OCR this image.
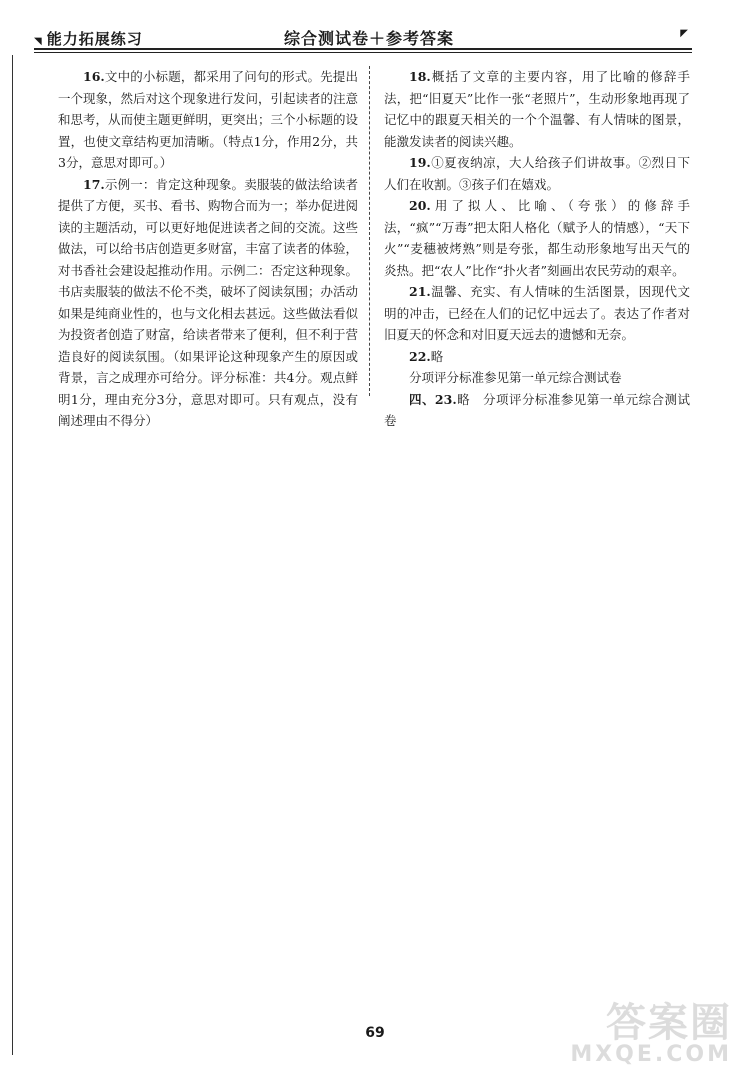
◥ 能力拓展练习	综合测试卷＋参考答案	◤

16.文中的小标题，都采用了问句的形式。先提出一个现象，然后对这个现象进行发问，引起读者的注意和思考，从而使主题更鲜明，更突出；三个小标题的设置，也使文章结构更加清晰。（特点1分，作用2分，共3分，意思对即可。）

17.示例一：肯定这种现象。卖服装的做法给读者提供了方便，买书、看书、购物合而为一；举办促进阅读的主题活动，可以更好地促进读者之间的交流。这些做法，可以给书店创造更多财富，丰富了读者的体验，对书香社会建设起推动作用。示例二：否定这种现象。书店卖服装的做法不伦不类，破坏了阅读氛围；办活动如果是纯商业性的，也与文化相去甚远。这些做法看似为投资者创造了财富，给读者带来了便利，但不利于营造良好的阅读氛围。（如果评论这种现象产生的原因或背景，言之成理亦可给分。评分标准：共4分。观点鲜明1分，理由充分3分，意思对即可。只有观点，没有阐述理由不得分）

18.概括了文章的主要内容，用了比喻的修辞手法，把“旧夏天”比作一张“老照片”，生动形象地再现了记忆中的跟夏天相关的一个个温馨、有人情味的图景，能激发读者的阅读兴趣。

19.①夏夜纳凉，大人给孩子们讲故事。②烈日下人们在收割。③孩子们在嬉戏。

20.用了拟人、比喻、（夸张）的修辞手法，“疯”“万毒”把太阳人格化（赋予人的情感），“天下火”“麦穗被烤熟”则是夸张，都生动形象地写出天气的炎热。把“农人”比作“扑火者”刻画出农民劳动的艰辛。

21.温馨、充实、有人情味的生活图景，因现代文明的冲击，已经在人们的记忆中远去了。表达了作者对旧夏天的怀念和对旧夏天远去的遗憾和无奈。

22.略

分项评分标准参见第一单元综合测试卷

四、23.略　分项评分标准参见第一单元综合测试卷

69	答案圈
MXQE.COM
